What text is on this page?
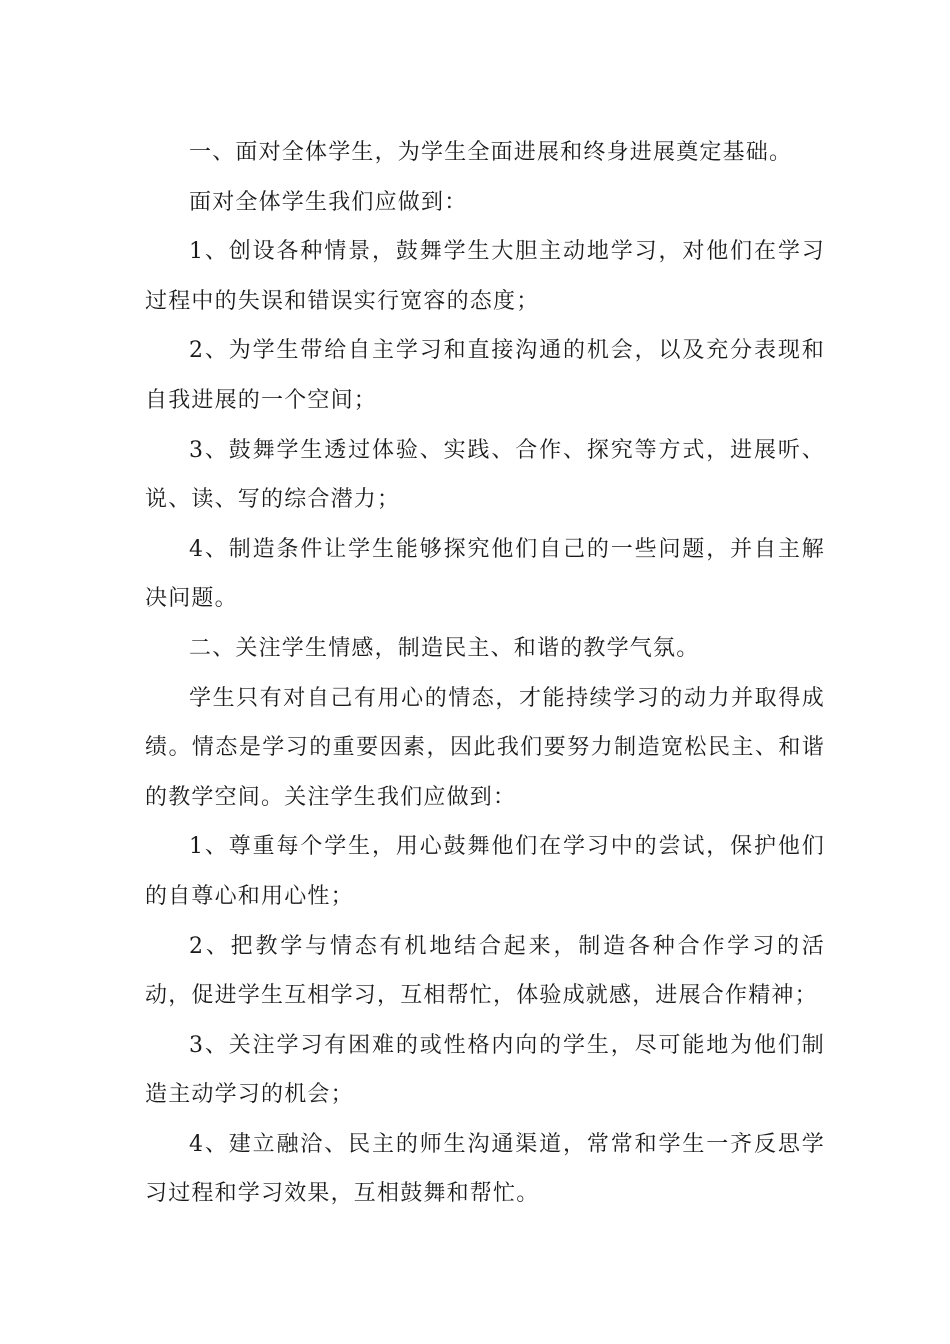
一、面对全体学生，为学生全面进展和终身进展奠定基础。

面对全体学生我们应做到：

1、创设各种情景，鼓舞学生大胆主动地学习，对他们在学习过程中的失误和错误实行宽容的态度；

2、为学生带给自主学习和直接沟通的机会，以及充分表现和自我进展的一个空间；

3、鼓舞学生透过体验、实践、合作、探究等方式，进展听、说、读、写的综合潜力；

4、制造条件让学生能够探究他们自己的一些问题，并自主解决问题。

二、关注学生情感，制造民主、和谐的教学气氛。

学生只有对自己有用心的情态，才能持续学习的动力并取得成绩。情态是学习的重要因素，因此我们要努力制造宽松民主、和谐的教学空间。关注学生我们应做到：

1、尊重每个学生，用心鼓舞他们在学习中的尝试，保护他们的自尊心和用心性；

2、把教学与情态有机地结合起来，制造各种合作学习的活动，促进学生互相学习，互相帮忙，体验成就感，进展合作精神；

3、关注学习有困难的或性格内向的学生，尽可能地为他们制造主动学习的机会；

4、建立融洽、民主的师生沟通渠道，常常和学生一齐反思学习过程和学习效果，互相鼓舞和帮忙。
